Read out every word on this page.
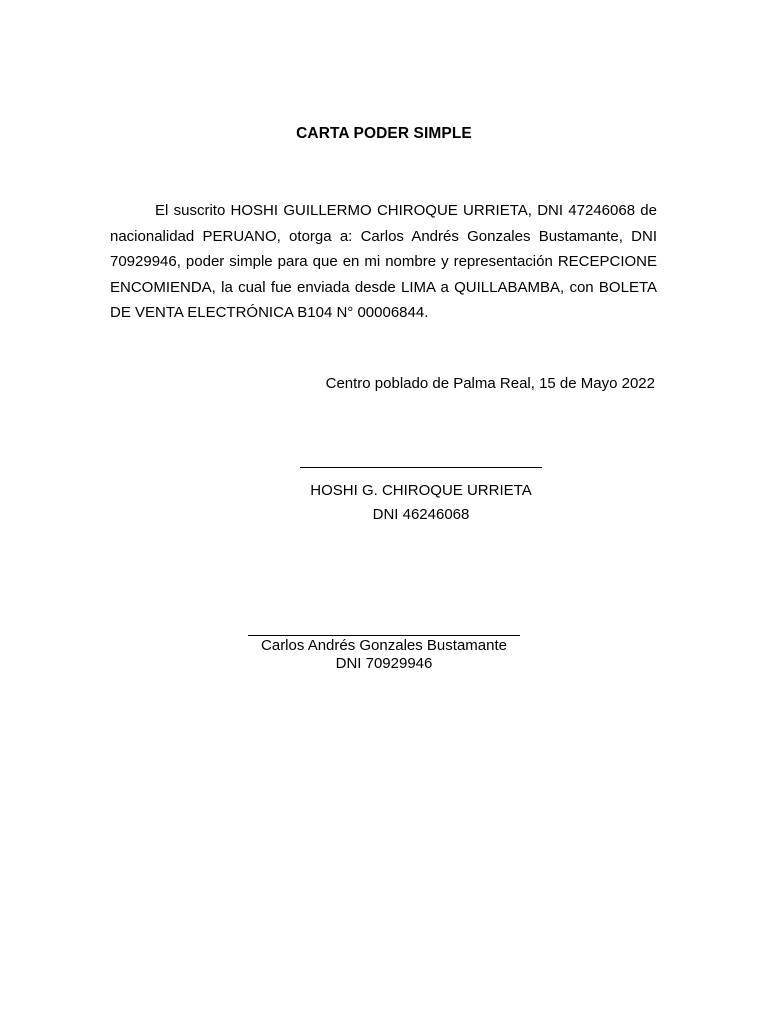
CARTA PODER SIMPLE

El suscrito HOSHI GUILLERMO CHIROQUE URRIETA, DNI 47246068 de nacionalidad PERUANO, otorga a: Carlos Andrés Gonzales Bustamante, DNI 70929946, poder simple para que en mi nombre y representación RECEPCIONE ENCOMIENDA, la cual fue enviada desde LIMA a QUILLABAMBA, con BOLETA DE VENTA ELECTRÓNICA B104 N° 00006844.

Centro poblado de Palma Real, 15 de Mayo 2022
HOSHI G. CHIROQUE URRIETA
DNI 46246068
Carlos Andrés Gonzales Bustamante
DNI 70929946
